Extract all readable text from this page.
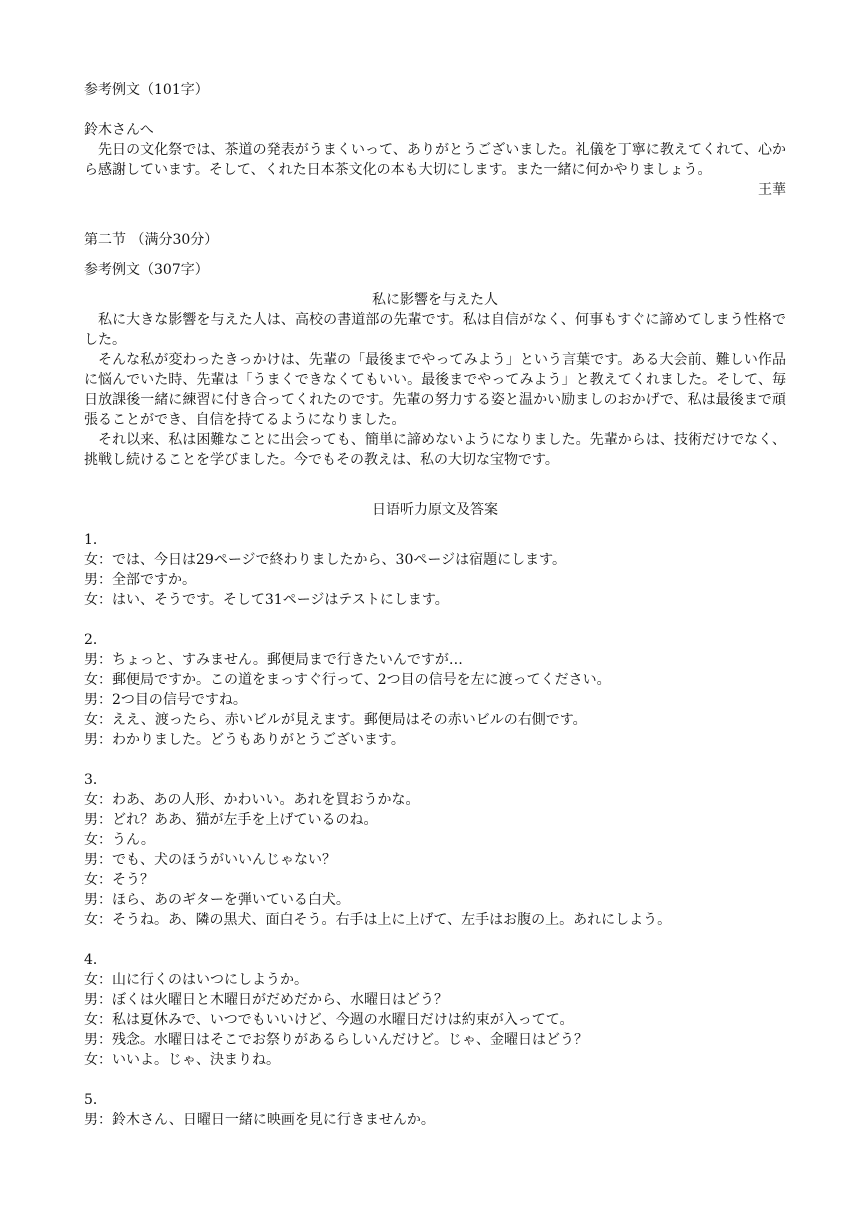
参考例文（101字）
鈴木さんへ

先日の文化祭では、茶道の発表がうまくいって、ありがとうございました。礼儀を丁寧に教えてくれて、心から感謝しています。そして、くれた日本茶文化の本も大切にします。また一緒に何かやりましょう。

王華
第二节 （满分30分）
参考例文（307字）
私に影響を与えた人

私に大きな影響を与えた人は、高校の書道部の先輩です。私は自信がなく、何事もすぐに諦めてしまう性格でした。

そんな私が変わったきっかけは、先輩の「最後までやってみよう」という言葉です。ある大会前、難しい作品に悩んでいた時、先輩は「うまくできなくてもいい。最後までやってみよう」と教えてくれました。そして、毎日放課後一緒に練習に付き合ってくれたのです。先輩の努力する姿と温かい励ましのおかげで、私は最後まで頑張ることができ、自信を持てるようになりました。

それ以来、私は困難なことに出会っても、簡単に諦めないようになりました。先輩からは、技術だけでなく、挑戦し続けることを学びました。今でもその教えは、私の大切な宝物です。

日语听力原文及答案
1．
女：では、今日は29ページで終わりましたから、30ページは宿題にします。
男：全部ですか。
女：はい、そうです。そして31ページはテストにします。
2．
男：ちょっと、すみません。郵便局まで行きたいんですが…
女：郵便局ですか。この道をまっすぐ行って、2つ目の信号を左に渡ってください。
男：2つ目の信号ですね。
女：ええ、渡ったら、赤いビルが見えます。郵便局はその赤いビルの右側です。
男：わかりました。どうもありがとうございます。
3．
女：わあ、あの人形、かわいい。あれを買おうかな。
男：どれ？ああ、猫が左手を上げているのね。
女：うん。
男：でも、犬のほうがいいんじゃない？
女：そう？
男：ほら、あのギターを弾いている白犬。
女：そうね。あ、隣の黒犬、面白そう。右手は上に上げて、左手はお腹の上。あれにしよう。
4．
女：山に行くのはいつにしようか。
男：ぼくは火曜日と木曜日がだめだから、水曜日はどう？
女：私は夏休みで、いつでもいいけど、今週の水曜日だけは約束が入ってて。
男：残念。水曜日はそこでお祭りがあるらしいんだけど。じゃ、金曜日はどう？
女：いいよ。じゃ、決まりね。
5．
男：鈴木さん、日曜日一緒に映画を見に行きませんか。
